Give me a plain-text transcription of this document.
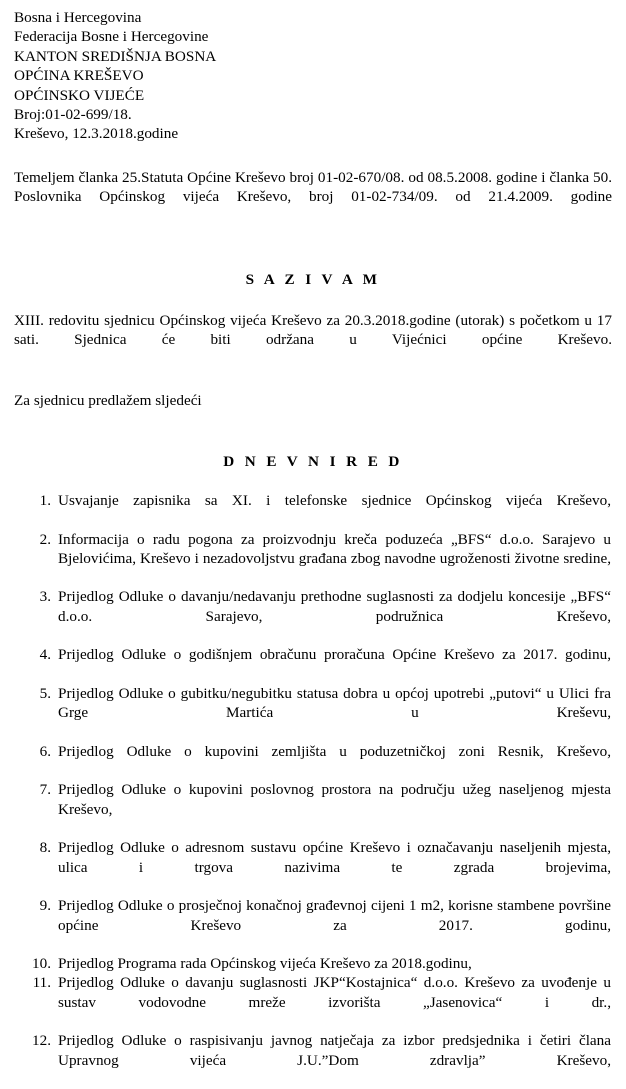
Bosna i Hercegovina
Federacija Bosne i Hercegovine
KANTON SREDIŠNJA BOSNA
OPĆINA KREŠEVO
OPĆINSKO VIJEĆE
Broj:01-02-699/18.
Kreševo, 12.3.2018.godine

Temeljem članka 25.Statuta Općine Kreševo broj 01-02-670/08. od 08.5.2008. godine i članka 50. Poslovnika Općinskog vijeća Kreševo, broj 01-02-734/09. od 21.4.2009. godine

S A Z I V A M

XIII. redovitu sjednicu Općinskog vijeća Kreševo za 20.3.2018.godine (utorak) s početkom u 17 sati. Sjednica će biti održana u Vijećnici općine Kreševo.

Za sjednicu predlažem sljedeći

D N E V N I R E D
1. Usvajanje zapisnika sa XI. i telefonske sjednice Općinskog vijeća Kreševo,
2. Informacija o radu pogona za proizvodnju kreča poduzeća „BFS“ d.o.o. Sarajevo u Bjelovićima, Kreševo i nezadovoljstvu građana zbog navodne ugroženosti životne sredine,
3. Prijedlog Odluke o davanju/nedavanju prethodne suglasnosti za dodjelu koncesije „BFS“ d.o.o. Sarajevo, podružnica Kreševo,
4. Prijedlog Odluke o godišnjem obračunu proračuna Općine Kreševo za 2017. godinu,
5. Prijedlog Odluke o gubitku/negubitku statusa dobra u općoj upotrebi „putovi“ u Ulici fra Grge Martića u Kreševu,
6. Prijedlog Odluke o kupovini zemljišta u poduzetničkoj zoni Resnik, Kreševo,
7. Prijedlog Odluke o kupovini poslovnog prostora na području užeg naseljenog mjesta Kreševo,
8. Prijedlog Odluke o adresnom sustavu općine Kreševo i označavanju naseljenih mjesta, ulica i trgova nazivima te zgrada brojevima,
9. Prijedlog Odluke o prosječnoj konačnoj građevnoj cijeni 1 m2, korisne stambene površine općine Kreševo za 2017. godinu,
10. Prijedlog Programa rada Općinskog vijeća Kreševo za 2018.godinu,
11. Prijedlog Odluke o davanju suglasnosti JKP“Kostajnica“ d.o.o. Kreševo za uvođenje u sustav vodovodne mreže izvorišta „Jasenovica“ i dr.,
12. Prijedlog Odluke o raspisivanju javnog natječaja za izbor predsjednika i četiri člana Upravnog vijeća J.U.”Dom zdravlja” Kreševo,
